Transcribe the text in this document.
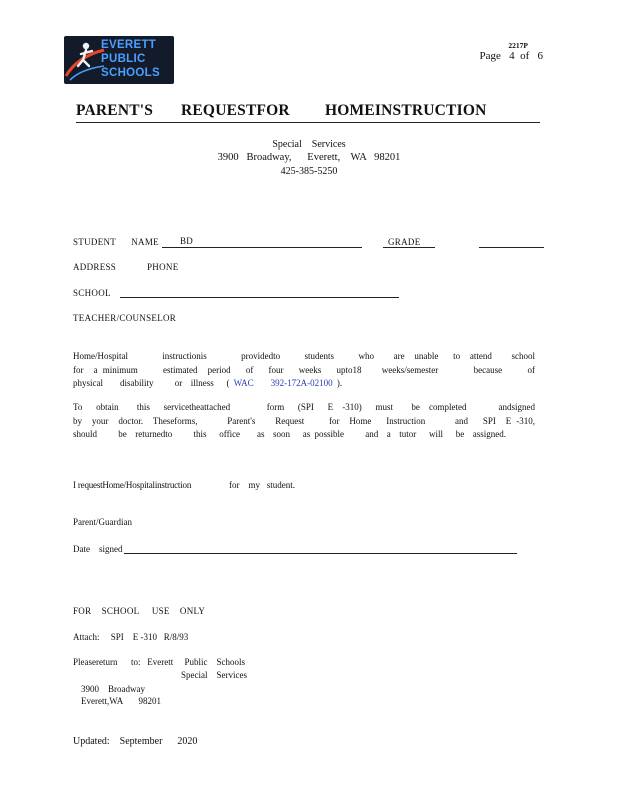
EVERETT
PUBLIC
SCHOOLS
2217P
Page   4  of   6
PARENT'S REQUESTFOR HOMEINSTRUCTION
Special    Services
3900   Broadway,      Everett,    WA   98201
425-385-5250
STUDENT      NAME BD	GRADE
ADDRESS	PHONE
SCHOOL
TEACHER/COUNSELOR
Home/Hospital       instructionis       providedto     students     who    are  unable   to  attend    school    for  a minimum     estimated  period   of   four   weeks   upto18    weeks/semester       because     of  physical    disability     or  illness   ( WAC    392-172A-02100 ).
To   obtain    this   servicetheattached        form   (SPI   E  -310)   must    be  completed       andsigned     by  your  doctor.  Theseforms,      Parent's    Request     for  Home   Instruction      and   SPI  E -310,    should     be  returnedto     this   office    as  soon   as possible     and  a  tutor   will   be  assigned.
I requestHome/Hospitalinstruction	for    my   student.
Parent/Guardian
Date    signed
FOR    SCHOOL     USE    ONLY
Attach:     SPI    E -310   R/8/93
Pleasereturn      to:   Everett     Public    Schools
Special    Services
3900    Broadway
Everett,WA       98201
Updated:    September      2020
